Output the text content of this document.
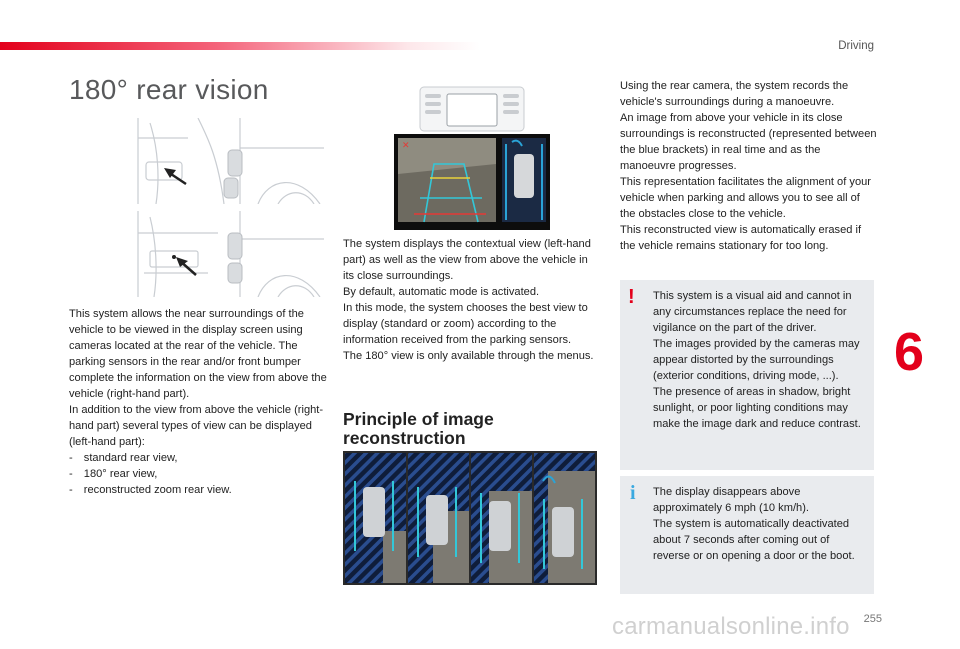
Driving
180° rear vision

This system allows the near surroundings of the vehicle to be viewed in the display screen using cameras located at the rear of the vehicle. The parking sensors in the rear and/or front bumper complete the information on the view from above the vehicle (right-hand part).
In addition to the view from above the vehicle (right-hand part) several types of view can be displayed (left-hand part):
- standard rear view,
- 180° rear view,
- reconstructed zoom rear view.

✕

The system displays the contextual view (left-hand part) as well as the view from above the vehicle in its close surroundings.
By default, automatic mode is activated.
In this mode, the system chooses the best view to display (standard or zoom) according to the information received from the parking sensors.
The 180° view is only available through the menus.

Principle of image reconstruction

Using the rear camera, the system records the vehicle's surroundings during a manoeuvre.
An image from above your vehicle in its close surroundings is reconstructed (represented between the blue brackets) in real time and as the manoeuvre progresses.
This representation facilitates the alignment of your vehicle when parking and allows you to see all of the obstacles close to the vehicle.
This reconstructed view is automatically erased if the vehicle remains stationary for too long.

! This system is a visual aid and cannot in any circumstances replace the need for vigilance on the part of the driver.
The images provided by the cameras may appear distorted by the surroundings (exterior conditions, driving mode, ...).
The presence of areas in shadow, bright sunlight, or poor lighting conditions may make the image dark and reduce contrast.
i The display disappears above approximately 6 mph (10 km/h).
The system is automatically deactivated about 7 seconds after coming out of reverse or on opening a door or the boot.
6
255
carmanualsonline.info
